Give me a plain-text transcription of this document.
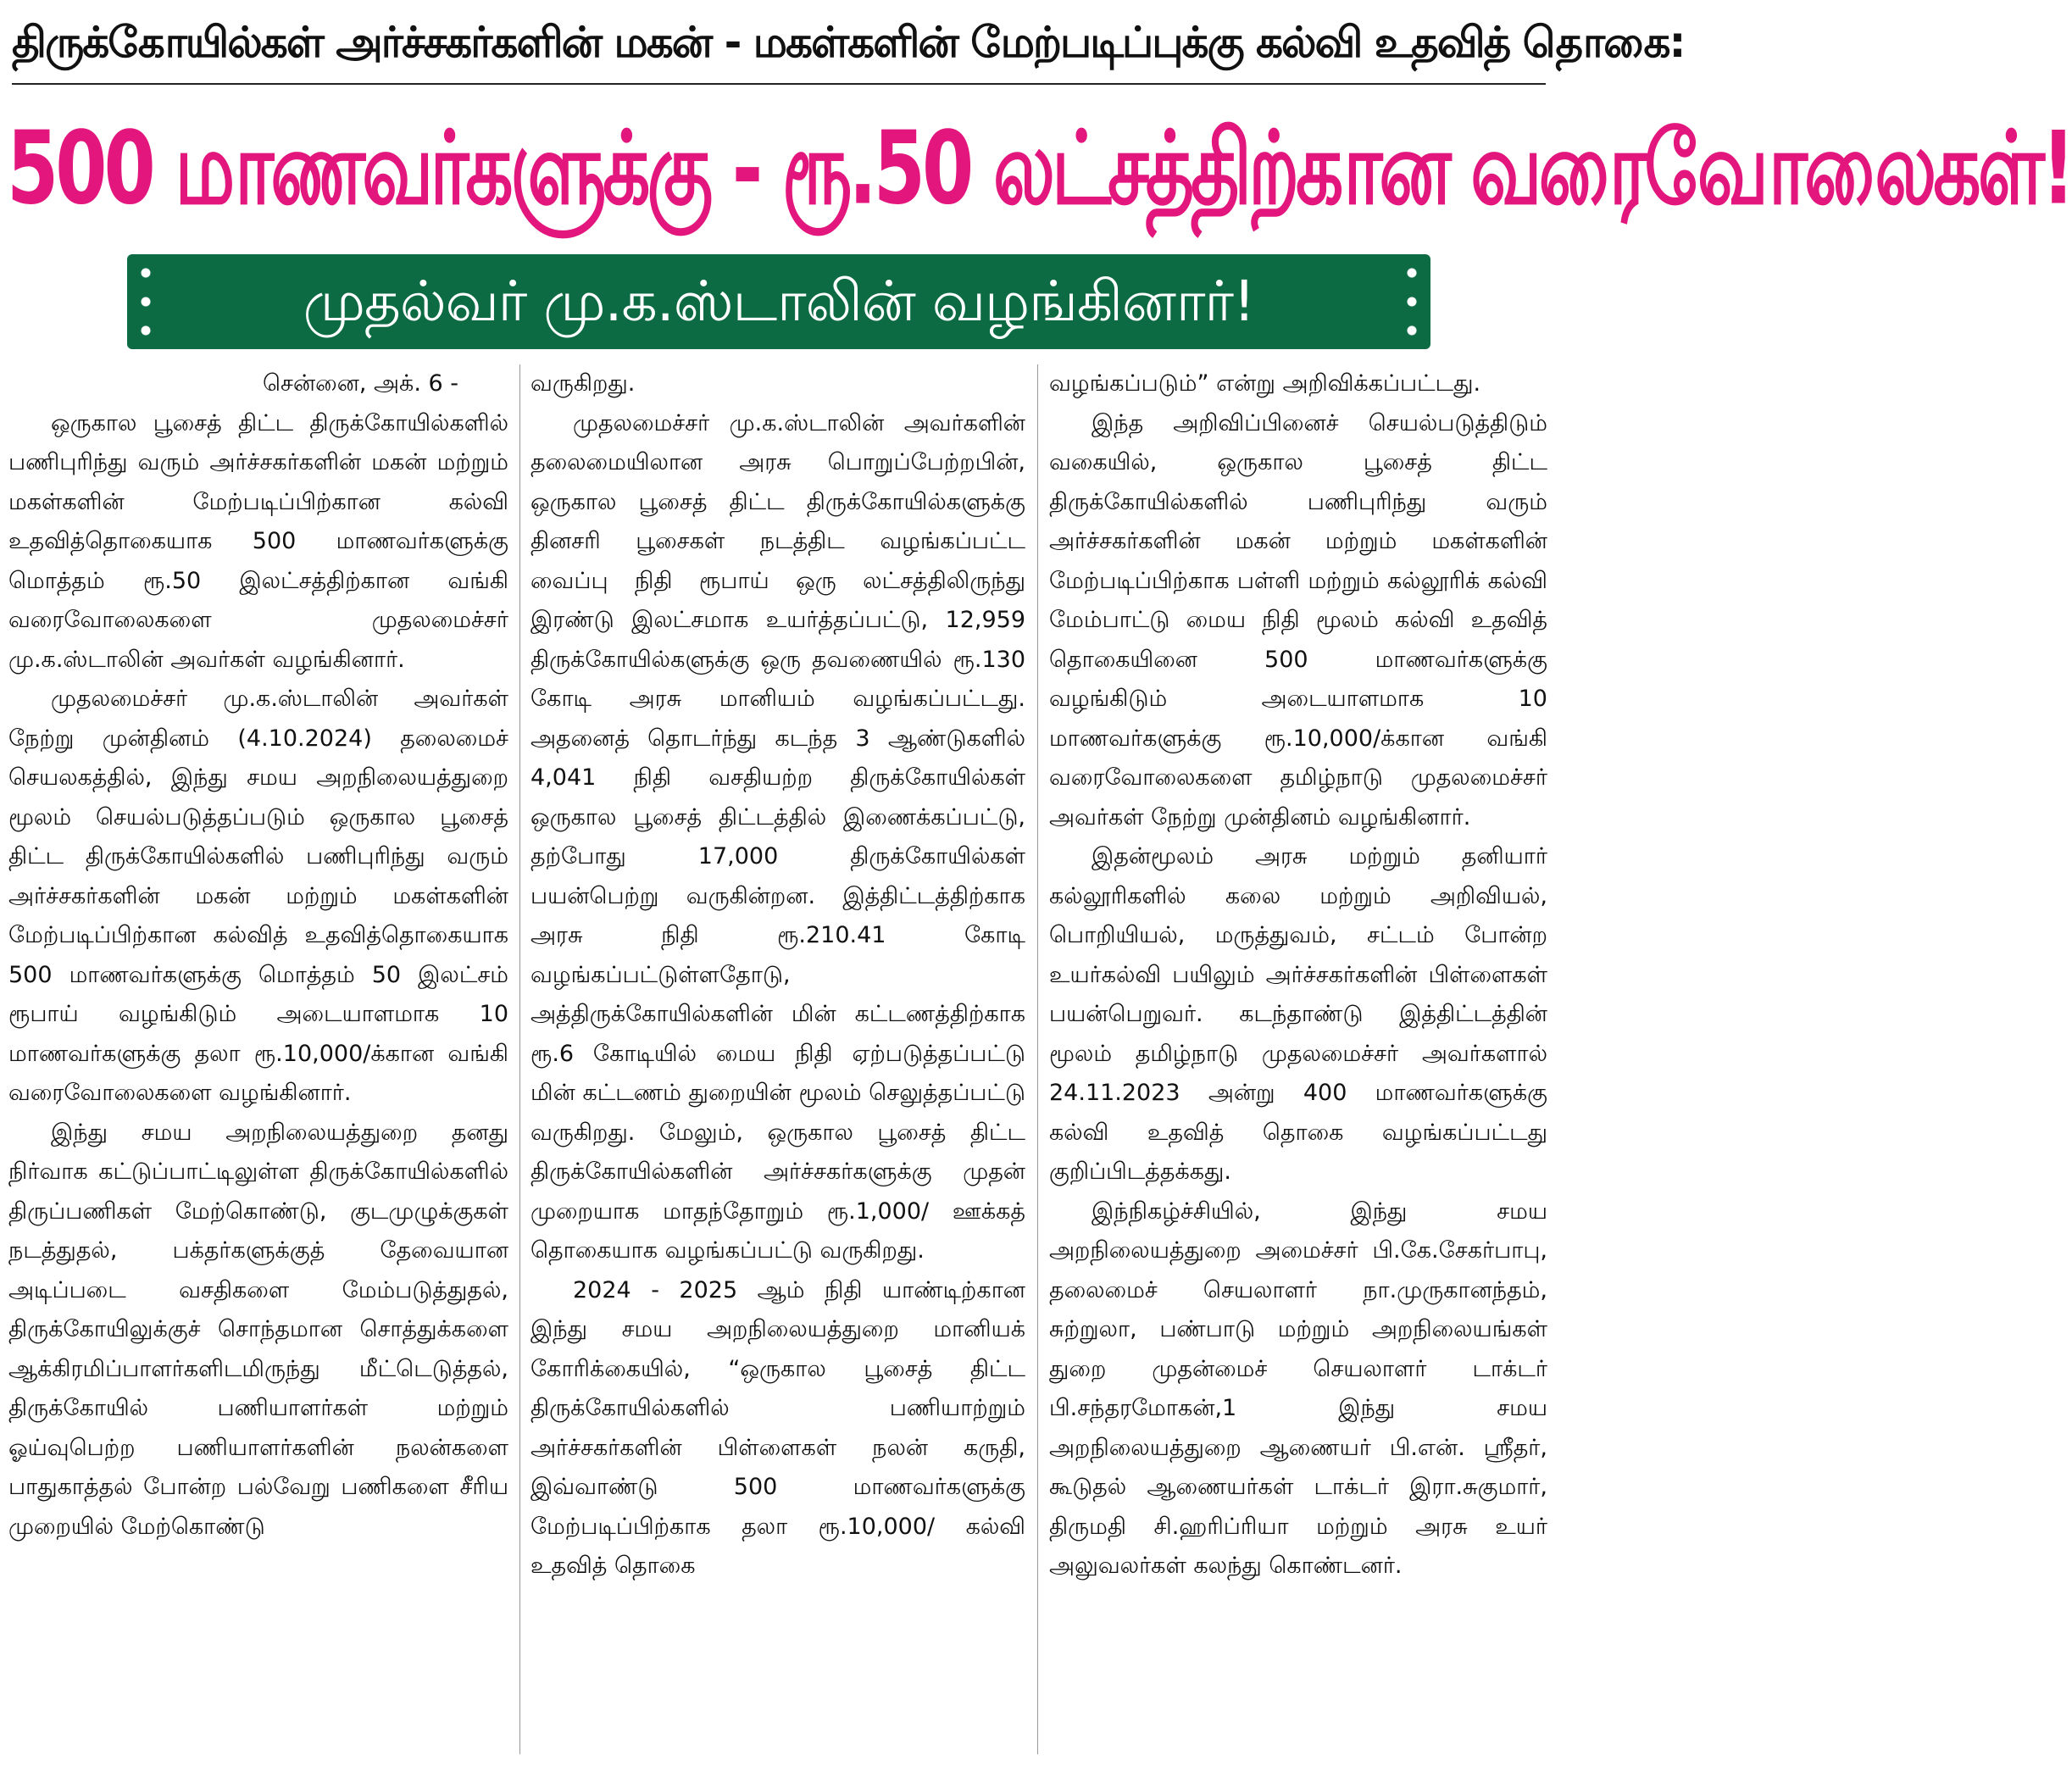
திருக்கோயில்கள் அர்ச்சகர்களின் மகன் - மகள்களின் மேற்படிப்புக்கு கல்வி உதவித் தொகை:
500 மாணவர்களுக்கு - ரூ.50 லட்சத்திற்கான வரைவோலைகள்!
முதல்வர் மு.க.ஸ்டாலின் வழங்கினார்!

சென்னை, அக். 6 -

ஒருகால பூசைத் திட்ட திருக்கோயில்களில் பணிபுரிந்து வரும் அர்ச்சகர்களின் மகன் மற்றும் மகள்களின் மேற்படிப்பிற்கான கல்வி உதவித்தொகையாக 500 மாணவர்களுக்கு மொத்தம் ரூ.50 இலட்சத்திற்கான வங்கி வரைவோலைகளை முதலமைச்சர் மு.க.ஸ்டாலின் அவர்கள் வழங்கினார்.

முதலமைச்சர் மு.க.ஸ்டாலின் அவர்கள் நேற்று முன்தினம் (4.10.2024) தலைமைச் செயலகத்தில், இந்து சமய அறநிலையத்துறை மூலம் செயல்படுத்தப்படும் ஒருகால பூசைத் திட்ட திருக்கோயில்களில் பணிபுரிந்து வரும் அர்ச்சகர்களின் மகன் மற்றும் மகள்களின் மேற்படிப்பிற்கான கல்வித் உதவித்தொகையாக 500 மாணவர்களுக்கு மொத்தம் 50 இலட்சம் ரூபாய் வழங்கிடும் அடையாளமாக 10 மாணவர்களுக்கு தலா ரூ.10,000/க்கான வங்கி வரைவோலைகளை வழங்கினார்.

இந்து சமய அறநிலையத்துறை தனது நிர்வாக கட்டுப்பாட்டிலுள்ள திருக்கோயில்களில் திருப்பணிகள் மேற்கொண்டு, குடமுழுக்குகள் நடத்துதல், பக்தர்களுக்குத் தேவையான அடிப்படை வசதிகளை மேம்படுத்துதல், திருக்கோயிலுக்குச் சொந்தமான சொத்துக்களை ஆக்கிரமிப்பாளர்களிடமிருந்து மீட்டெடுத்தல், திருக்கோயில் பணியாளர்கள் மற்றும் ஓய்வுபெற்ற பணியாளர்களின் நலன்களை பாதுகாத்தல் போன்ற பல்வேறு பணிகளை சீரிய முறையில் மேற்கொண்டு

வருகிறது.

முதலமைச்சர் மு.க.ஸ்டாலின் அவர்களின் தலைமையிலான அரசு பொறுப்பேற்றபின், ஒருகால பூசைத் திட்ட திருக்கோயில்களுக்கு தினசரி பூசைகள் நடத்திட வழங்கப்பட்ட வைப்பு நிதி ரூபாய் ஒரு லட்சத்திலிருந்து இரண்டு இலட்சமாக உயர்த்தப்பட்டு, 12,959 திருக்கோயில்களுக்கு ஒரு தவணையில் ரூ.130 கோடி அரசு மானியம் வழங்கப்பட்டது. அதனைத் தொடர்ந்து கடந்த 3 ஆண்டுகளில் 4,041 நிதி வசதியற்ற திருக்கோயில்கள் ஒருகால பூசைத் திட்டத்தில் இணைக்கப்பட்டு, தற்போது 17,000 திருக்கோயில்கள் பயன்பெற்று வருகின்றன. இத்திட்டத்திற்காக அரசு நிதி ரூ.210.41 கோடி வழங்கப்பட்டுள்ளதோடு, அத்திருக்கோயில்களின் மின் கட்டணத்திற்காக ரூ.6 கோடியில் மைய நிதி ஏற்படுத்தப்பட்டு மின் கட்டணம் துறையின் மூலம் செலுத்தப்பட்டு வருகிறது. மேலும், ஒருகால பூசைத் திட்ட திருக்கோயில்களின் அர்ச்சகர்களுக்கு முதன் முறையாக மாதந்தோறும் ரூ.1,000/ ஊக்கத் தொகையாக வழங்கப்பட்டு வருகிறது.

2024 - 2025 ஆம் நிதி யாண்டிற்கான இந்து சமய அறநிலையத்துறை மானியக் கோரிக்கையில், “ஒருகால பூசைத் திட்ட திருக்கோயில்களில் பணியாற்றும் அர்ச்சகர்களின் பிள்ளைகள் நலன் கருதி, இவ்வாண்டு 500 மாணவர்களுக்கு மேற்படிப்பிற்காக தலா ரூ.10,000/ கல்வி உதவித் தொகை

வழங்கப்படும்” என்று அறிவிக்கப்பட்டது.

இந்த அறிவிப்பினைச் செயல்படுத்திடும் வகையில், ஒருகால பூசைத் திட்ட திருக்கோயில்களில் பணிபுரிந்து வரும் அர்ச்சகர்களின் மகன் மற்றும் மகள்களின் மேற்படிப்பிற்காக பள்ளி மற்றும் கல்லூரிக் கல்வி மேம்பாட்டு மைய நிதி மூலம் கல்வி உதவித் தொகையினை 500 மாணவர்களுக்கு வழங்கிடும் அடையாளமாக 10 மாணவர்களுக்கு ரூ.10,000/க்கான வங்கி வரைவோலைகளை தமிழ்நாடு முதலமைச்சர் அவர்கள் நேற்று முன்தினம் வழங்கினார்.

இதன்மூலம் அரசு மற்றும் தனியார் கல்லூரிகளில் கலை மற்றும் அறிவியல், பொறியியல், மருத்துவம், சட்டம் போன்ற உயர்கல்வி பயிலும் அர்ச்சகர்களின் பிள்ளைகள் பயன்பெறுவர். கடந்தாண்டு இத்திட்டத்தின் மூலம் தமிழ்நாடு முதலமைச்சர் அவர்களால் 24.11.2023 அன்று 400 மாணவர்களுக்கு கல்வி உதவித் தொகை வழங்கப்பட்டது குறிப்பிடத்தக்கது.

இந்நிகழ்ச்சியில், இந்து சமய அறநிலையத்துறை அமைச்சர் பி.கே.சேகர்பாபு, தலைமைச் செயலாளர் நா.முருகானந்தம், சுற்றுலா, பண்பாடு மற்றும் அறநிலையங்கள் துறை முதன்மைச் செயலாளர் டாக்டர் பி.சந்தரமோகன்,1 இந்து சமய அறநிலையத்துறை ஆணையர் பி.என். ஸ்ரீதர், கூடுதல் ஆணையர்கள் டாக்டர் இரா.சுகுமார், திருமதி சி.ஹரிப்ரியா மற்றும் அரசு உயர் அலுவலர்கள் கலந்து கொண்டனர்.
